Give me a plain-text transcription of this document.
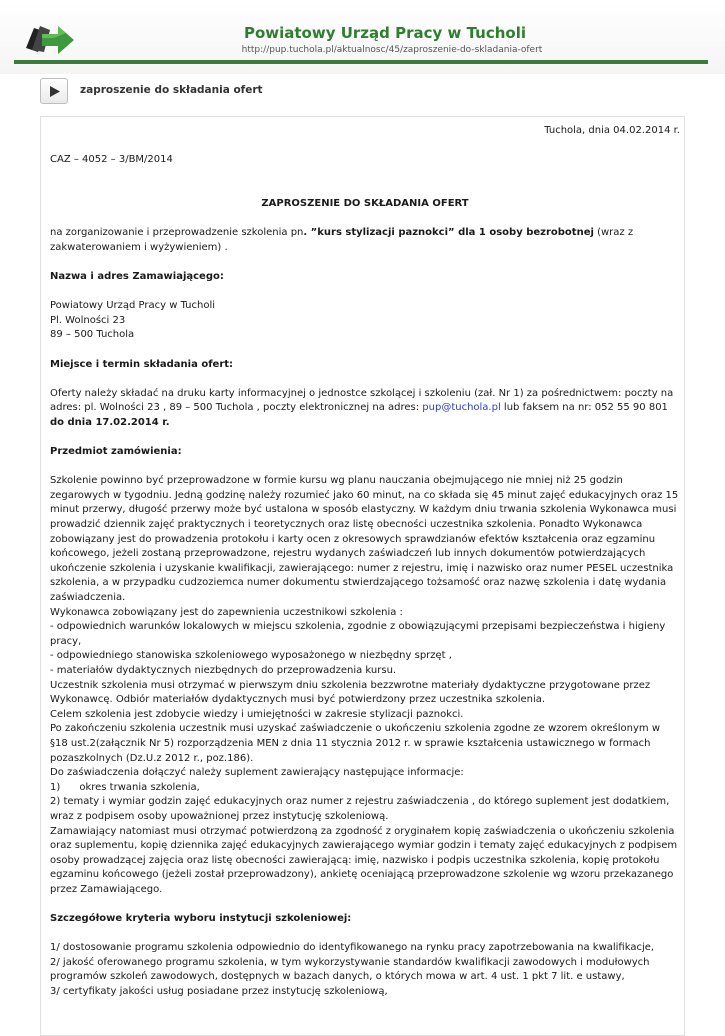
Powiatowy Urząd Pracy w Tucholi
http://pup.tuchola.pl/aktualnosc/45/zaproszenie-do-skladania-ofert
zaproszenie do składania ofert

Tuchola, dnia 04.02.2014 r.

CAZ – 4052 – 3/BM/2014

ZAPROSZENIE DO SKŁADANIA OFERT

na zorganizowanie i przeprowadzenie szkolenia pn. ”kurs stylizacji paznokci” dla 1 osoby bezrobotnej (wraz z zakwaterowaniem i wyżywieniem) .

Nazwa i adres Zamawiającego:

Powiatowy Urząd Pracy w Tucholi

Pl. Wolności 23

89 – 500 Tuchola

Miejsce i termin składania ofert:

Oferty należy składać na druku karty informacyjnej o jednostce szkolącej i szkoleniu (zał. Nr 1) za pośrednictwem: poczty na adres: pl. Wolności 23 , 89 – 500 Tuchola , poczty elektronicznej na adres: pup@tuchola.pl lub faksem na nr: 052 55 90 801

do dnia 17.02.2014 r.

Przedmiot zamówienia:

Szkolenie powinno być przeprowadzone w formie kursu wg planu nauczania obejmującego nie mniej niż 25 godzin zegarowych w tygodniu. Jedną godzinę należy rozumieć jako 60 minut, na co składa się 45 minut zajęć edukacyjnych oraz 15 minut przerwy, długość przerwy może być ustalona w sposób elastyczny. W każdym dniu trwania szkolenia Wykonawca musi prowadzić dziennik zajęć praktycznych i teoretycznych oraz listę obecności uczestnika szkolenia. Ponadto Wykonawca zobowiązany jest do prowadzenia protokołu i karty ocen z okresowych sprawdzianów efektów kształcenia oraz egzaminu końcowego, jeżeli zostaną przeprowadzone, rejestru wydanych zaświadczeń lub innych dokumentów potwierdzających ukończenie szkolenia i uzyskanie kwalifikacji, zawierającego: numer z rejestru, imię i nazwisko oraz numer PESEL uczestnika szkolenia, a w przypadku cudzoziemca numer dokumentu stwierdzającego tożsamość oraz nazwę szkolenia i datę wydania zaświadczenia.

Wykonawca zobowiązany jest do zapewnienia uczestnikowi szkolenia :

- odpowiednich warunków lokalowych w miejscu szkolenia, zgodnie z obowiązującymi przepisami bezpieczeństwa i higieny pracy,

- odpowiedniego stanowiska szkoleniowego wyposażonego w niezbędny sprzęt ,

- materiałów dydaktycznych niezbędnych do przeprowadzenia kursu.

Uczestnik szkolenia musi otrzymać w pierwszym dniu szkolenia bezzwrotne materiały dydaktyczne przygotowane przez Wykonawcę. Odbiór materiałów dydaktycznych musi być potwierdzony przez uczestnika szkolenia.

Celem szkolenia jest zdobycie wiedzy i umiejętności w zakresie stylizacji paznokci.

Po zakończeniu szkolenia uczestnik musi uzyskać zaświadczenie o ukończeniu szkolenia zgodne ze wzorem określonym w §18 ust.2(załącznik Nr 5) rozporządzenia MEN z dnia 11 stycznia 2012 r. w sprawie kształcenia ustawicznego w formach pozaszkolnych (Dz.U.z 2012 r., poz.186).

Do zaświadczenia dołączyć należy suplement zawierający następujące informacje:

1)      okres trwania szkolenia,

2) tematy i wymiar godzin zajęć edukacyjnych oraz numer z rejestru zaświadczenia , do którego suplement jest dodatkiem, wraz z podpisem osoby upoważnionej przez instytucję szkoleniową.

Zamawiający natomiast musi otrzymać potwierdzoną za zgodność z oryginałem kopię zaświadczenia o ukończeniu szkolenia oraz suplementu, kopię dziennika zajęć edukacyjnych zawierającego wymiar godzin i tematy zajęć edukacyjnych z podpisem osoby prowadzącej zajęcia oraz listę obecności zawierającą: imię, nazwisko i podpis uczestnika szkolenia, kopię protokołu egzaminu końcowego (jeżeli został przeprowadzony), ankietę oceniającą przeprowadzone szkolenie wg wzoru przekazanego przez Zamawiającego.

Szczegółowe kryteria wyboru instytucji szkoleniowej:

1/ dostosowanie programu szkolenia odpowiednio do identyfikowanego na rynku pracy zapotrzebowania na kwalifikacje,

2/ jakość oferowanego programu szkolenia, w tym wykorzystywanie standardów kwalifikacji zawodowych i modułowych programów szkoleń zawodowych, dostępnych w bazach danych, o których mowa w art. 4 ust. 1 pkt 7 lit. e ustawy,

3/ certyfikaty jakości usług posiadane przez instytucję szkoleniową,
